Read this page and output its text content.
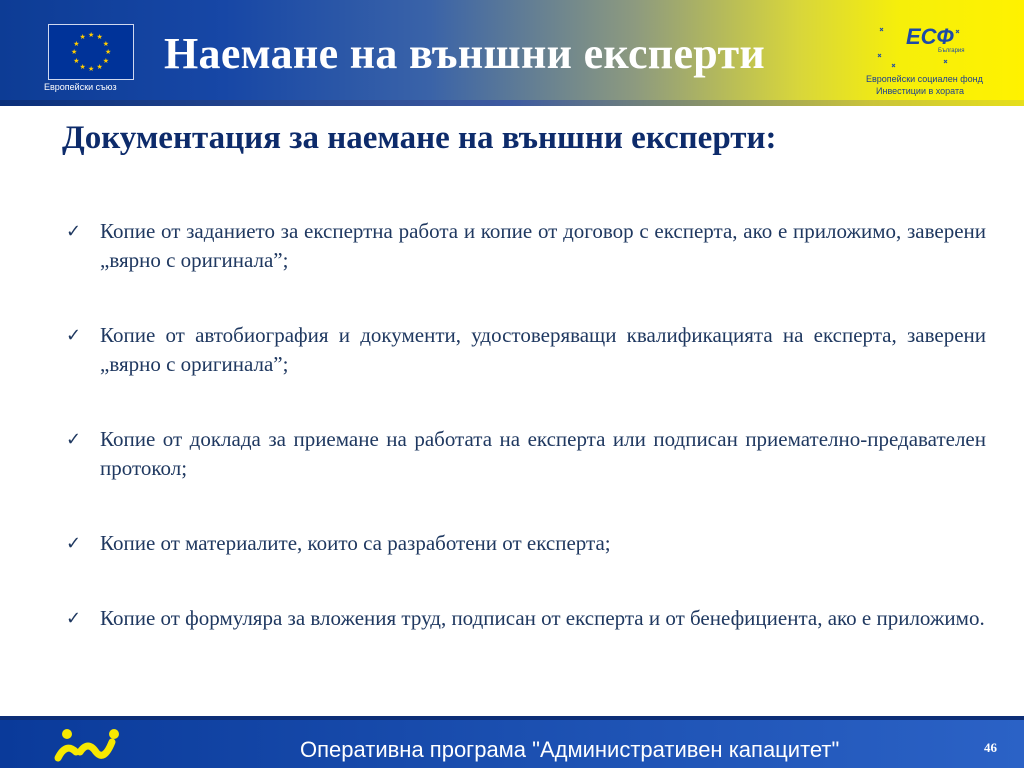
★
★
★
★
★
★
★
★
★ ★ ★
★
Европейски съюз
Наемане на външни експерти	ЕСФ
България
Европейски социален фонд
Инвестиции в хората
Документация за наемане на външни експерти:
✓ Копие от заданието за експертна работа и копие от договор с експерта, ако е приложимо, заверени „вярно с оригинала”;
✓ Копие от автобиография и документи, удостоверяващи квалификацията на експерта, заверени „вярно с оригинала”;
✓ Копие от доклада за приемане на работата на експерта или подписан приемателно-предавателен протокол;
✓ Копие от материалите, които са разработени от експерта;
✓ Копие от формуляра за вложения труд, подписан от експерта и от бенефициента, ако е приложимо.
Оперативна програма "Административен капацитет"	46
